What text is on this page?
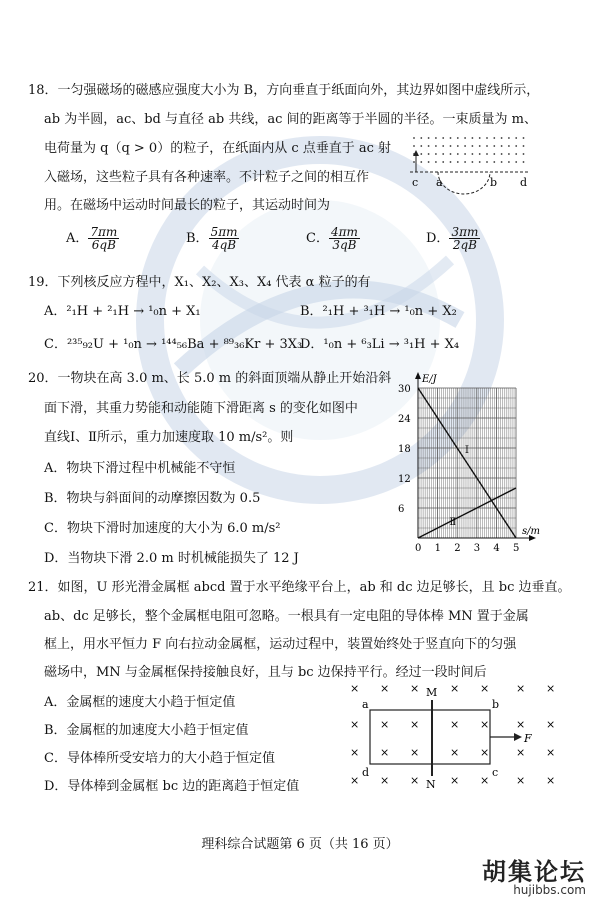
18．一匀强磁场的磁感应强度大小为 B，方向垂直于纸面向外，其边界如图中虚线所示，
ab 为半圆，ac、bd 与直径 ab 共线，ac 间的距离等于半圆的半径。一束质量为 m、
电荷量为 q（q > 0）的粒子，在纸面内从 c 点垂直于 ac 射
入磁场，这些粒子具有各种速率。不计粒子之间的相互作
用。在磁场中运动时间最长的粒子，其运动时间为
c a	b d
A． $\frac{7\pi m}{6qB}$	B． $\frac{5\pi m}{4qB}$	C． $\frac{4\pi m}{3qB}$	D． $\frac{3\pi m}{2qB}$
19．下列核反应方程中，X₁、X₂、X₃、X₄ 代表 α 粒子的有
A．²₁H + ²₁H → ¹₀n + X₁	B．²₁H + ³₁H → ¹₀n + X₂
C．²³⁵₉₂U + ¹₀n → ¹⁴⁴₅₆Ba + ⁸⁹₃₆Kr + 3X₃
D．¹₀n + ⁶₃Li → ³₁H + X₄
20．一物块在高 3.0 m、长 5.0 m 的斜面顶端从静止开始沿斜
面下滑，其重力势能和动能随下滑距离 s 的变化如图中
直线Ⅰ、Ⅱ所示，重力加速度取 10 m/s²。则
A．物块下滑过程中机械能不守恒
B．物块与斜面间的动摩擦因数为 0.5
C．物块下滑时加速度的大小为 6.0 m/s²
D．当物块下滑 2.0 m 时机械能损失了 12 J
0 1 2 3 4 5
6
12
18
24
30
s/m
E/J
Ⅰ
Ⅱ
21．如图，U 形光滑金属框 abcd 置于水平绝缘平台上，ab 和 dc 边足够长，且 bc 边垂直。
ab、dc 足够长，整个金属框电阻可忽略。一根具有一定电阻的导体棒 MN 置于金属
框上，用水平恒力 F 向右拉动金属框，运动过程中，装置始终处于竖直向下的匀强
磁场中，MN 与金属框保持接触良好，且与 bc 边保持平行。经过一段时间后
A．金属框的速度大小趋于恒定值
B．金属框的加速度大小趋于恒定值
C．导体棒所受安培力的大小趋于恒定值
D．导体棒到金属框 bc 边的距离趋于恒定值
a	b
c
d
M
N
F
× × ×	× × × ×
× × ×	× × × ×
× × ×	× × × ×
× × ×	× × × ×
理科综合试题第 6 页（共 16 页）
胡集论坛
hujibbs.com
